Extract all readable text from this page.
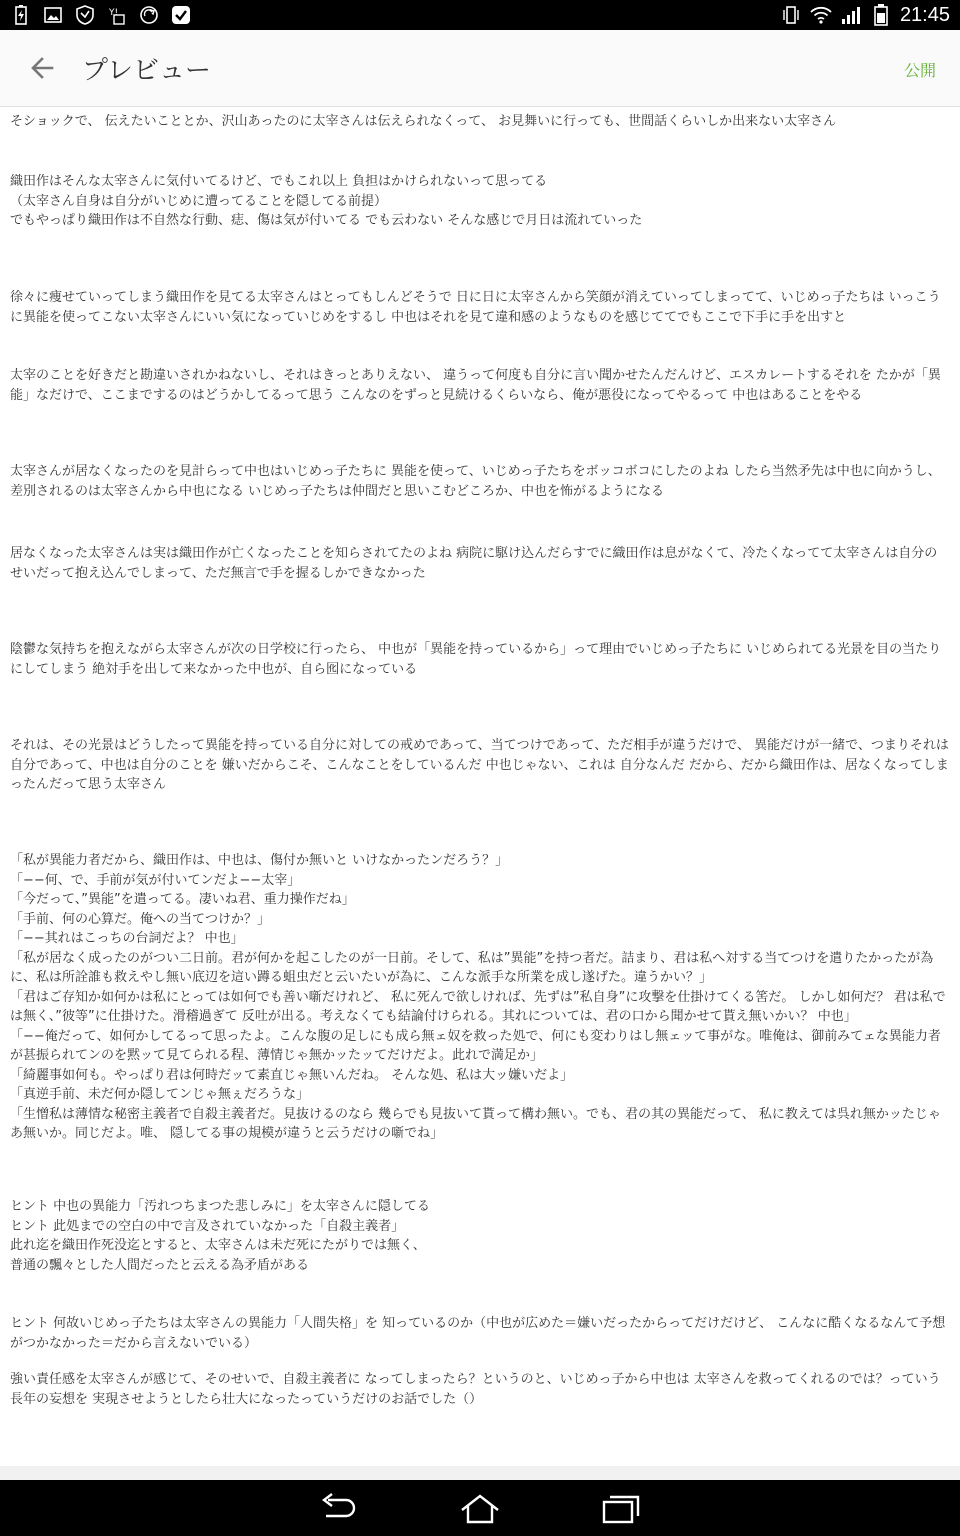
Y!	21:45
プレビュー	公開
そショックで、 伝えたいこととか、沢山あったのに太宰さんは伝えられなくって、 お見舞いに行っても、世間話くらいしか出来ない太宰さん
織田作はそんな太宰さんに気付いてるけど、でもこれ以上 負担はかけられないって思ってる
（太宰さん自身は自分がいじめに遭ってることを隠してる前提）
でもやっぱり織田作は不自然な行動、痣、傷は気が付いてる でも云わない そんな感じで月日は流れていった
徐々に痩せていってしまう織田作を見てる太宰さんはとってもしんどそうで 日に日に太宰さんから笑顔が消えていってしまってて、いじめっ子たちは いっこうに異能を使ってこない太宰さんにいい気になっていじめをするし 中也はそれを見て違和感のようなものを感じててでもここで下手に手を出すと
太宰のことを好きだと勘違いされかねないし、それはきっとありえない、 違うって何度も自分に言い聞かせたんだんけど、エスカレートするそれを たかが「異能」なだけで、ここまでするのはどうかしてるって思う こんなのをずっと見続けるくらいなら、俺が悪役になってやるって 中也はあることをやる
太宰さんが居なくなったのを見計らって中也はいじめっ子たちに 異能を使って、いじめっ子たちをボッコボコにしたのよね したら当然矛先は中也に向かうし、差別されるのは太宰さんから中也になる いじめっ子たちは仲間だと思いこむどころか、中也を怖がるようになる
居なくなった太宰さんは実は織田作が亡くなったことを知らされてたのよね 病院に駆け込んだらすでに織田作は息がなくて、冷たくなってて太宰さんは自分のせいだって抱え込んでしまって、ただ無言で手を握るしかできなかった
陰鬱な気持ちを抱えながら太宰さんが次の日学校に行ったら、 中也が「異能を持っているから」って理由でいじめっ子たちに いじめられてる光景を目の当たりにしてしまう 絶対手を出して来なかった中也が、自ら囮になっている
それは、その光景はどうしたって異能を持っている自分に対しての戒めであって、当てつけであって、ただ相手が違うだけで、 異能だけが一緒で、つまりそれは自分であって、中也は自分のことを 嫌いだからこそ、こんなことをしているんだ 中也じゃない、これは 自分なんだ だから、だから織田作は、居なくなってしまったんだって思う太宰さん
「私が異能力者だから、織田作は、中也は、傷付か無いと いけなかったンだろう？」
「−−何、で、手前が気が付いてンだよ−−太宰」
「今だって、”異能”を遣ってる。凄いね君、重力操作だね」
「手前、何の心算だ。俺への当てつけか？」
「−−其れはこっちの台詞だよ？ 中也」
「私が居なく成ったのがつい二日前。君が何かを起こしたのが一日前。そして、私は”異能”を持つ者だ。詰まり、君は私へ対する当てつけを遣りたかったが為に、私は所詮誰も救えやし無い底辺を這い蹲る蛆虫だと云いたいが為に、こんな派手な所業を成し遂げた。違うかい？」
「君はご存知か如何かは私にとっては如何でも善い噺だけれど、 私に死んで欲しければ、先ずは”私自身”に攻撃を仕掛けてくる筈だ。 しかし如何だ？ 君は私では無く、”彼等”に仕掛けた。滑稽過ぎて 反吐が出る。考えなくても結論付けられる。其れについては、君の口から聞かせて貰え無いかい？ 中也」
「−−俺だって、如何かしてるって思ったよ。こんな腹の足しにも成ら無ェ奴を救った処で、何にも変わりはし無ェッて事がな。唯俺は、御前みてェな異能力者が甚振られてンのを黙ッて見てられる程、薄情じゃ無かッたッてだけだよ。此れで満足か」
「綺麗事如何も。やっぱり君は何時だッて素直じゃ無いんだね。 そんな処、私は大ッ嫌いだよ」
「真逆手前、未だ何か隠してンじゃ無ぇだろうな」
「生憎私は薄情な秘密主義者で自殺主義者だ。見抜けるのなら 幾らでも見抜いて貰って構わ無い。でも、君の其の異能だって、 私に教えては呉れ無かッたじゃあ無いか。同じだよ。唯、 隠してる事の規模が違うと云うだけの噺でね」
ヒント 中也の異能力「汚れつちまつた悲しみに」を太宰さんに隠してる
ヒント 此処までの空白の中で言及されていなかった「自殺主義者」
此れ迄を織田作死没迄とすると、太宰さんは未だ死にたがりでは無く、
普通の飄々とした人間だったと云える為矛盾がある
ヒント 何故いじめっ子たちは太宰さんの異能力「人間失格」を 知っているのか（中也が広めた＝嫌いだったからってだけだけど、 こんなに酷くなるなんて予想がつかなかった＝だから言えないでいる）
強い責任感を太宰さんが感じて、そのせいで、自殺主義者に なってしまったら？というのと、いじめっ子から中也は 太宰さんを救ってくれるのでは？っていう長年の妄想を 実現させようとしたら壮大になったっていうだけのお話でした（）
